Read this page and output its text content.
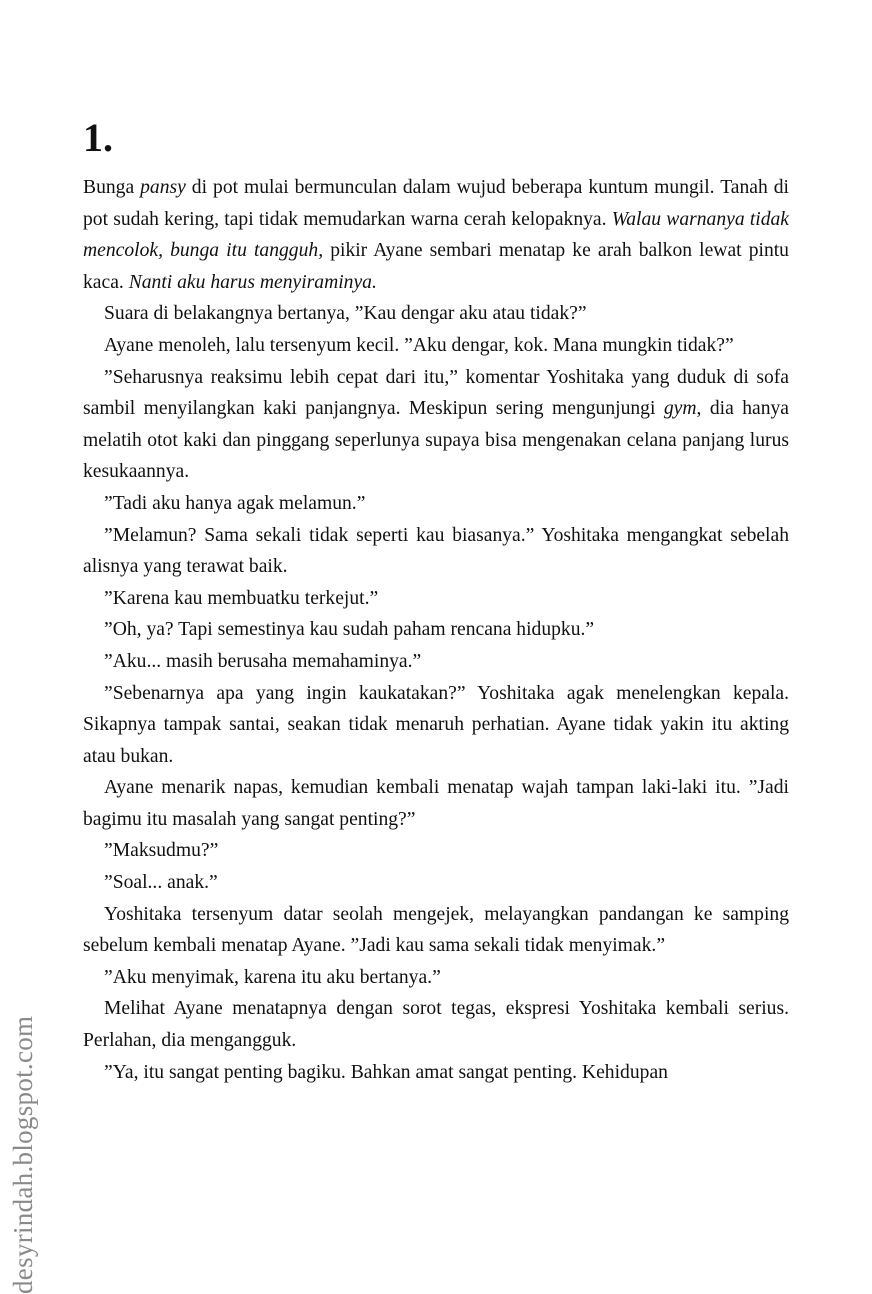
1.

Bunga pansy di pot mulai bermunculan dalam wujud beberapa kuntum mungil. Tanah di pot sudah kering, tapi tidak memudarkan warna cerah kelopaknya. Walau warnanya tidak mencolok, bunga itu tangguh, pikir Ayane sembari menatap ke arah balkon lewat pintu kaca. Nanti aku harus menyiraminya.

Suara di belakangnya bertanya, ”Kau dengar aku atau tidak?”

Ayane menoleh, lalu tersenyum kecil. ”Aku dengar, kok. Mana mungkin tidak?”

”Seharusnya reaksimu lebih cepat dari itu,” komentar Yoshitaka yang duduk di sofa sambil menyilangkan kaki panjangnya. Meskipun sering mengunjungi gym, dia hanya melatih otot kaki dan pinggang seperlunya supaya bisa mengenakan celana panjang lurus kesukaannya.

”Tadi aku hanya agak melamun.”

”Melamun? Sama sekali tidak seperti kau biasanya.” Yoshitaka mengangkat sebelah alisnya yang terawat baik.

”Karena kau membuatku terkejut.”

”Oh, ya? Tapi semestinya kau sudah paham rencana hidupku.”

”Aku... masih berusaha memahaminya.”

”Sebenarnya apa yang ingin kaukatakan?” Yoshitaka agak menelengkan kepala. Sikapnya tampak santai, seakan tidak menaruh perhatian. Ayane tidak yakin itu akting atau bukan.

Ayane menarik napas, kemudian kembali menatap wajah tampan laki-laki itu. ”Jadi bagimu itu masalah yang sangat penting?”

”Maksudmu?”

”Soal... anak.”

Yoshitaka tersenyum datar seolah mengejek, melayangkan pandangan ke samping sebelum kembali menatap Ayane. ”Jadi kau sama sekali tidak menyimak.”

”Aku menyimak, karena itu aku bertanya.”

Melihat Ayane menatapnya dengan sorot tegas, ekspresi Yoshitaka kembali serius. Perlahan, dia mengangguk.

”Ya, itu sangat penting bagiku. Bahkan amat sangat penting. Kehidupan

desyrindah.blogspot.com
